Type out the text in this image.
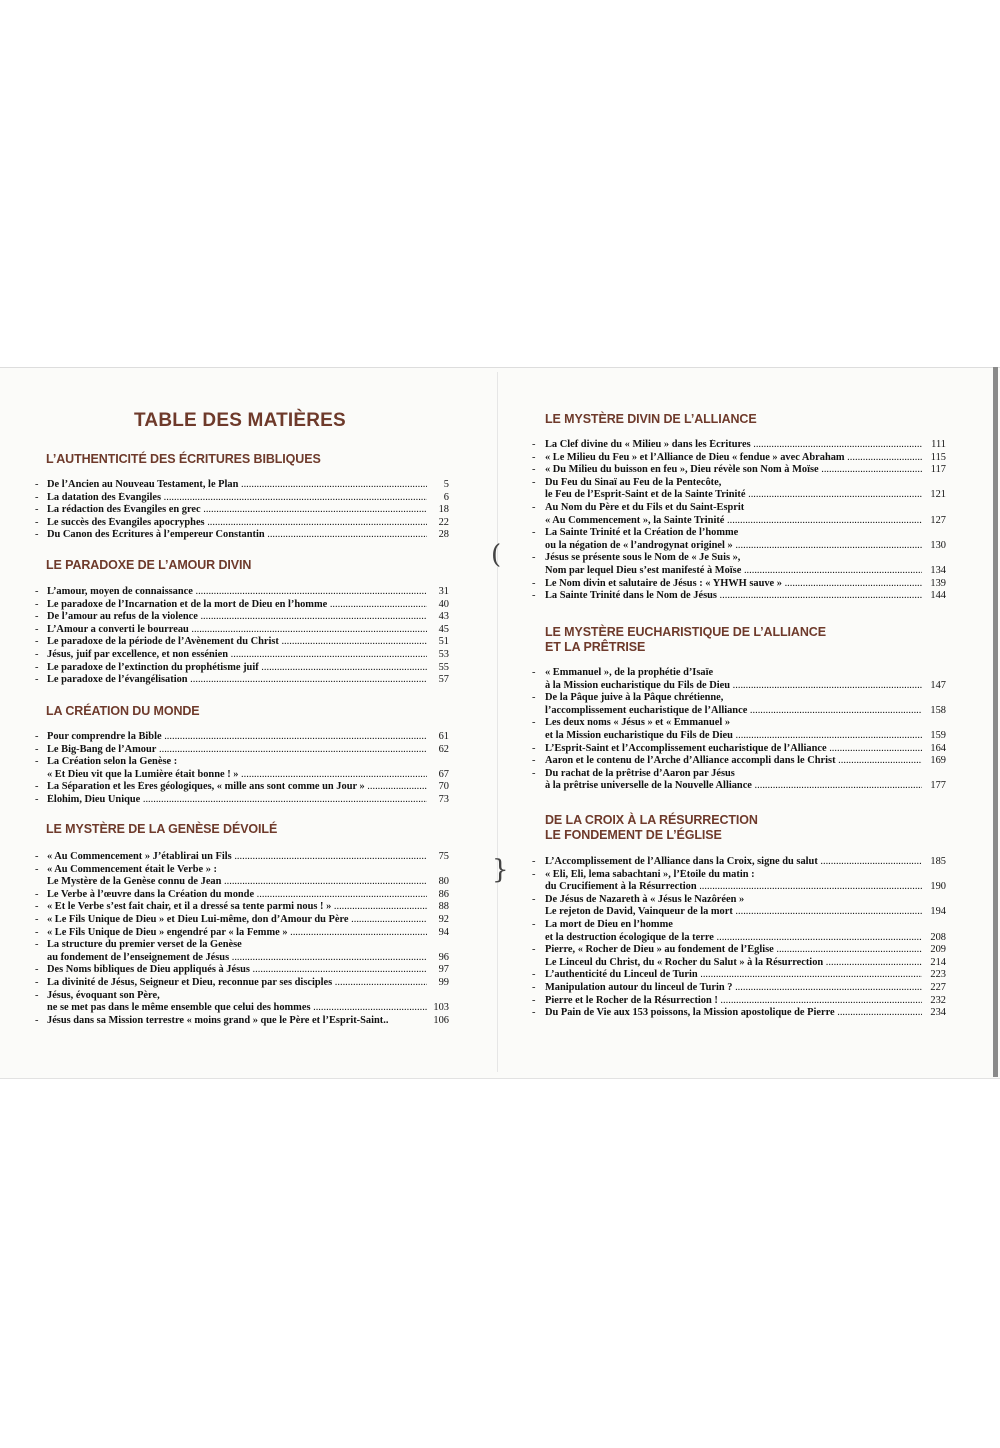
(
}
TABLE DES MATIÈRES
L’AUTHENTICITÉ DES ÉCRITURES BIBLIQUES
- De l’Ancien au Nouveau Testament, le Plan .....	5
- La datation des Évangiles .....	6
- La rédaction des Évangiles en grec .....	18
- Le succès des Évangiles apocryphes .....	22
- Du Canon des Écritures à l’empereur Constantin .....	28
LE PARADOXE DE L’AMOUR DIVIN
- L’amour, moyen de connaissance .....	31
- Le paradoxe de l’Incarnation et de la mort de Dieu en l’homme .....	40
- De l’amour au refus de la violence .....	43
- L’Amour a converti le bourreau .....	45
- Le paradoxe de la période de l’Avènement du Christ .....	51
- Jésus, juif par excellence, et non essénien .....	53
- Le paradoxe de l’extinction du prophétisme juif .....	55
- Le paradoxe de l’évangélisation .....	57
LA CRÉATION DU MONDE
- Pour comprendre la Bible .....	61
- Le Big-Bang de l’Amour .....	62
- La Création selon la Genèse :
« Et Dieu vit que la Lumière était bonne ! » .....	67
- La Séparation et les Ères géologiques, « mille ans sont comme un Jour » .....	70
- Élohim, Dieu Unique .....	73
LE MYSTÈRE DE LA GENÈSE DÉVOILÉ
- « Au Commencement » J’établirai un Fils .....	75
- « Au Commencement était le Verbe » :
Le Mystère de la Genèse connu de Jean .....	80
- Le Verbe à l’œuvre dans la Création du monde .....	86
- « Et le Verbe s’est fait chair, et il a dressé sa tente parmi nous ! » .....	88
- « Le Fils Unique de Dieu » et Dieu Lui-même, don d’Amour du Père .....	92
- « Le Fils Unique de Dieu » engendré par « la Femme » .....	94
- La structure du premier verset de la Genèse
au fondement de l’enseignement de Jésus .....	96
- Des Noms bibliques de Dieu appliqués à Jésus .....	97
- La divinité de Jésus, Seigneur et Dieu, reconnue par ses disciples .....	99
- Jésus, évoquant son Père,
ne se met pas dans le même ensemble que celui des hommes .....	103
- Jésus dans sa Mission terrestre « moins grand » que le Père et l’Esprit-Saint..	106
LE MYSTÈRE DIVIN DE L’ALLIANCE
- La Clef divine du « Milieu » dans les Écritures .....	111
- « Le Milieu du Feu » et l’Alliance de Dieu « fendue » avec Abraham .....	115
- « Du Milieu du buisson en feu », Dieu révèle son Nom à Moïse .....	117
- Du Feu du Sinaï au Feu de la Pentecôte,
le Feu de l’Esprit-Saint et de la Sainte Trinité .....	121
- Au Nom du Père et du Fils et du Saint-Esprit
« Au Commencement », la Sainte Trinité .....	127
- La Sainte Trinité et la Création de l’homme
ou la négation de « l’androgynat originel » .....	130
- Jésus se présente sous le Nom de « Je Suis »,
Nom par lequel Dieu s’est manifesté à Moïse .....	134
- Le Nom divin et salutaire de Jésus : « YHWH sauve » .....	139
- La Sainte Trinité dans le Nom de Jésus .....	144
LE MYSTÈRE EUCHARISTIQUE DE L’ALLIANCE
ET LA PRÊTRISE
- « Emmanuel », de la prophétie d’Isaïe
à la Mission eucharistique du Fils de Dieu .....	147
- De la Pâque juive à la Pâque chrétienne,
l’accomplissement eucharistique de l’Alliance .....	158
- Les deux noms « Jésus » et « Emmanuel »
et la Mission eucharistique du Fils de Dieu .....	159
- L’Esprit-Saint et l’Accomplissement eucharistique de l’Alliance .....	164
- Aaron et le contenu de l’Arche d’Alliance accompli dans le Christ .....	169
- Du rachat de la prêtrise d’Aaron par Jésus
à la prêtrise universelle de la Nouvelle Alliance .....	177
DE LA CROIX À LA RÉSURRECTION
LE FONDEMENT DE L’ÉGLISE
- L’Accomplissement de l’Alliance dans la Croix, signe du salut .....	185
- « Eli, Eli, lema sabachtani », l’Étoile du matin :
du Crucifiement à la Résurrection .....	190
- De Jésus de Nazareth à « Jésus le Nazôréen »
Le rejeton de David, Vainqueur de la mort .....	194
- La mort de Dieu en l’homme
et la destruction écologique de la terre .....	208
- Pierre, « Rocher de Dieu » au fondement de l’Église .....	209
Le Linceul du Christ, du « Rocher du Salut » à la Résurrection .....	214
- L’authenticité du Linceul de Turin .....	223
- Manipulation autour du linceul de Turin ? .....	227
- Pierre et le Rocher de la Résurrection ! .....	232
- Du Pain de Vie aux 153 poissons, la Mission apostolique de Pierre .....	234
